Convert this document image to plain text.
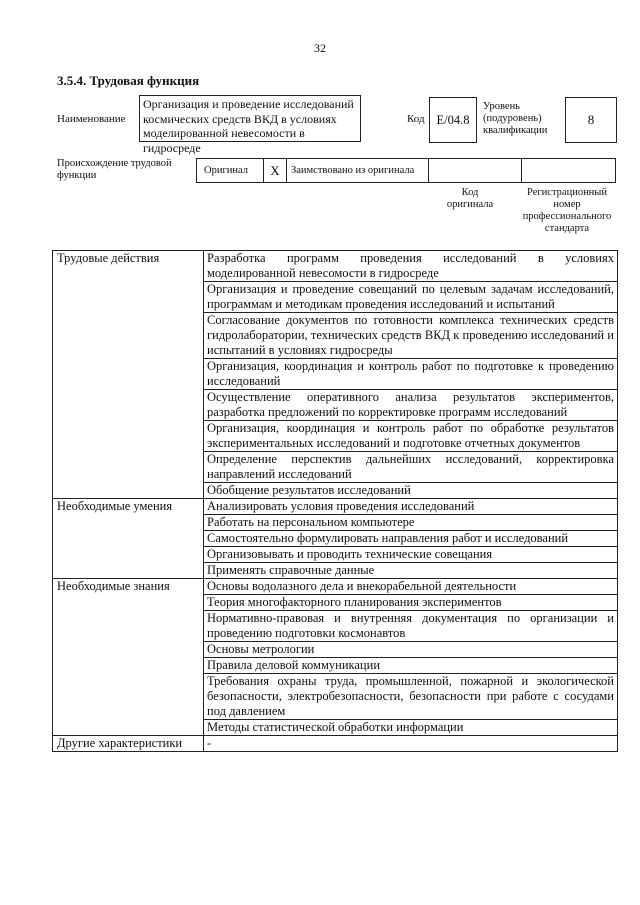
32
3.5.4. Трудовая функция
Наименование
Организация и проведение исследований космических средств ВКД в условиях моделированной невесомости в гидросреде
Код E/04.8
Уровень (подуровень) квалификации
8
Происхождение трудовой функции	Оригинал X Заимствовано из оригинала
Код оригинала
Регистрационный номер профессионального стандарта
Трудовые действия	Разработка программ проведения исследований в условиях моделированной невесомости в гидросреде
	Организация и проведение совещаний по целевым задачам исследований, программам и методикам проведения исследований и испытаний
	Согласование документов по готовности комплекса технических средств гидролаборатории, технических средств ВКД к проведению исследований и испытаний в условиях гидросреды
	Организация, координация и контроль работ по подготовке к проведению исследований
	Осуществление оперативного анализа результатов экспериментов, разработка предложений по корректировке программ исследований
	Организация, координация и контроль работ по обработке результатов экспериментальных исследований и подготовке отчетных документов
	Определение перспектив дальнейших исследований, корректировка направлений исследований
	Обобщение результатов исследований
Необходимые умения	Анализировать условия проведения исследований
	Работать на персональном компьютере
	Самостоятельно формулировать направления работ и исследований
	Организовывать и проводить технические совещания
	Применять справочные данные
Необходимые знания	Основы водолазного дела и внекорабельной деятельности
	Теория многофакторного планирования экспериментов
	Нормативно-правовая и внутренняя документация по организации и проведению подготовки космонавтов
	Основы метрологии
	Правила деловой коммуникации
	Требования охраны труда, промышленной, пожарной и экологической безопасности, электробезопасности, безопасности при работе с сосудами под давлением
	Методы статистической обработки информации
Другие характеристики	-
